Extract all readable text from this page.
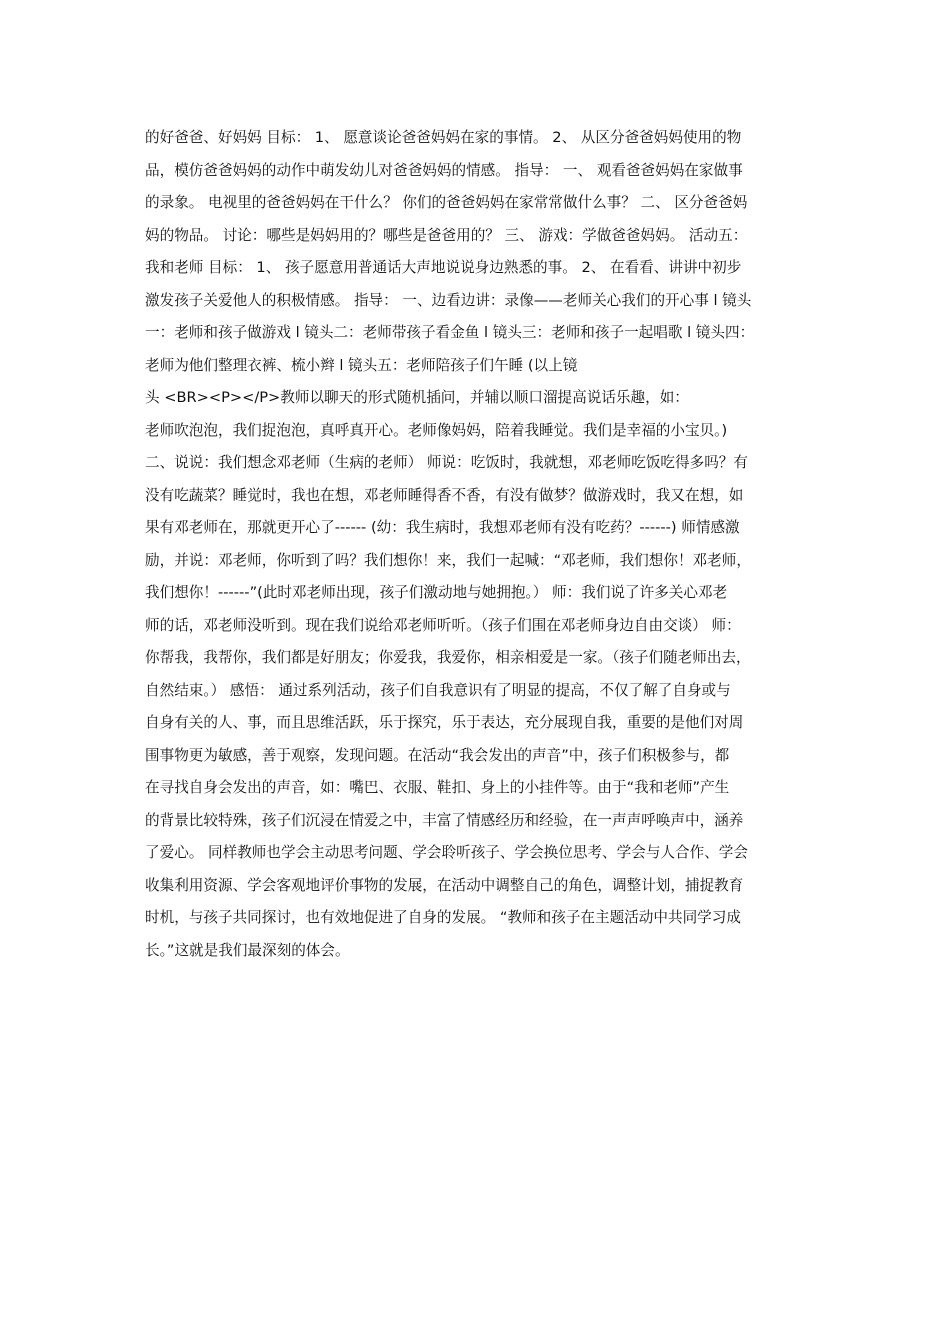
的好爸爸、好妈妈 目标： 1、 愿意谈论爸爸妈妈在家的事情。 2、 从区分爸爸妈妈使用的物
品，模仿爸爸妈妈的动作中萌发幼儿对爸爸妈妈的情感。 指导： 一、 观看爸爸妈妈在家做事
的录象。 电视里的爸爸妈妈在干什么？ 你们的爸爸妈妈在家常常做什么事？ 二、 区分爸爸妈
妈的物品。 讨论：哪些是妈妈用的？哪些是爸爸用的？ 三、 游戏：学做爸爸妈妈。 活动五：
我和老师 目标： 1、 孩子愿意用普通话大声地说说身边熟悉的事。 2、 在看看、讲讲中初步
激发孩子关爱他人的积极情感。 指导： 一、边看边讲：录像——老师关心我们的开心事 l 镜头
一：老师和孩子做游戏 l 镜头二：老师带孩子看金鱼 l 镜头三：老师和孩子一起唱歌 l 镜头四：
老师为他们整理衣裤、梳小辫 l 镜头五：老师陪孩子们午睡 (以上镜
头 <BR><P></P>教师以聊天的形式随机插问，并辅以顺口溜提高说话乐趣，如：
老师吹泡泡，我们捉泡泡，真呼真开心。老师像妈妈，陪着我睡觉。我们是幸福的小宝贝。)
二、说说：我们想念邓老师（生病的老师） 师说：吃饭时，我就想，邓老师吃饭吃得多吗？有
没有吃蔬菜？睡觉时，我也在想，邓老师睡得香不香，有没有做梦？做游戏时，我又在想，如
果有邓老师在，那就更开心了------ (幼：我生病时，我想邓老师有没有吃药？------) 师情感激
励，并说：邓老师，你听到了吗？我们想你！来，我们一起喊：“邓老师，我们想你！邓老师，
我们想你！------”(此时邓老师出现，孩子们激动地与她拥抱。） 师：我们说了许多关心邓老
师的话，邓老师没听到。现在我们说给邓老师听听。（孩子们围在邓老师身边自由交谈） 师：
你帮我，我帮你，我们都是好朋友；你爱我，我爱你，相亲相爱是一家。（孩子们随老师出去，
自然结束。） 感悟： 通过系列活动，孩子们自我意识有了明显的提高，不仅了解了自身或与
自身有关的人、事，而且思维活跃，乐于探究，乐于表达，充分展现自我，重要的是他们对周
围事物更为敏感，善于观察，发现问题。在活动“我会发出的声音”中，孩子们积极参与，都
在寻找自身会发出的声音，如：嘴巴、衣服、鞋扣、身上的小挂件等。由于“我和老师”产生
的背景比较特殊，孩子们沉浸在情爱之中，丰富了情感经历和经验，在一声声呼唤声中，涵养
了爱心。 同样教师也学会主动思考问题、学会聆听孩子、学会换位思考、学会与人合作、学会
收集利用资源、学会客观地评价事物的发展，在活动中调整自己的角色，调整计划，捕捉教育
时机，与孩子共同探讨，也有效地促进了自身的发展。 “教师和孩子在主题活动中共同学习成
长。”这就是我们最深刻的体会。
